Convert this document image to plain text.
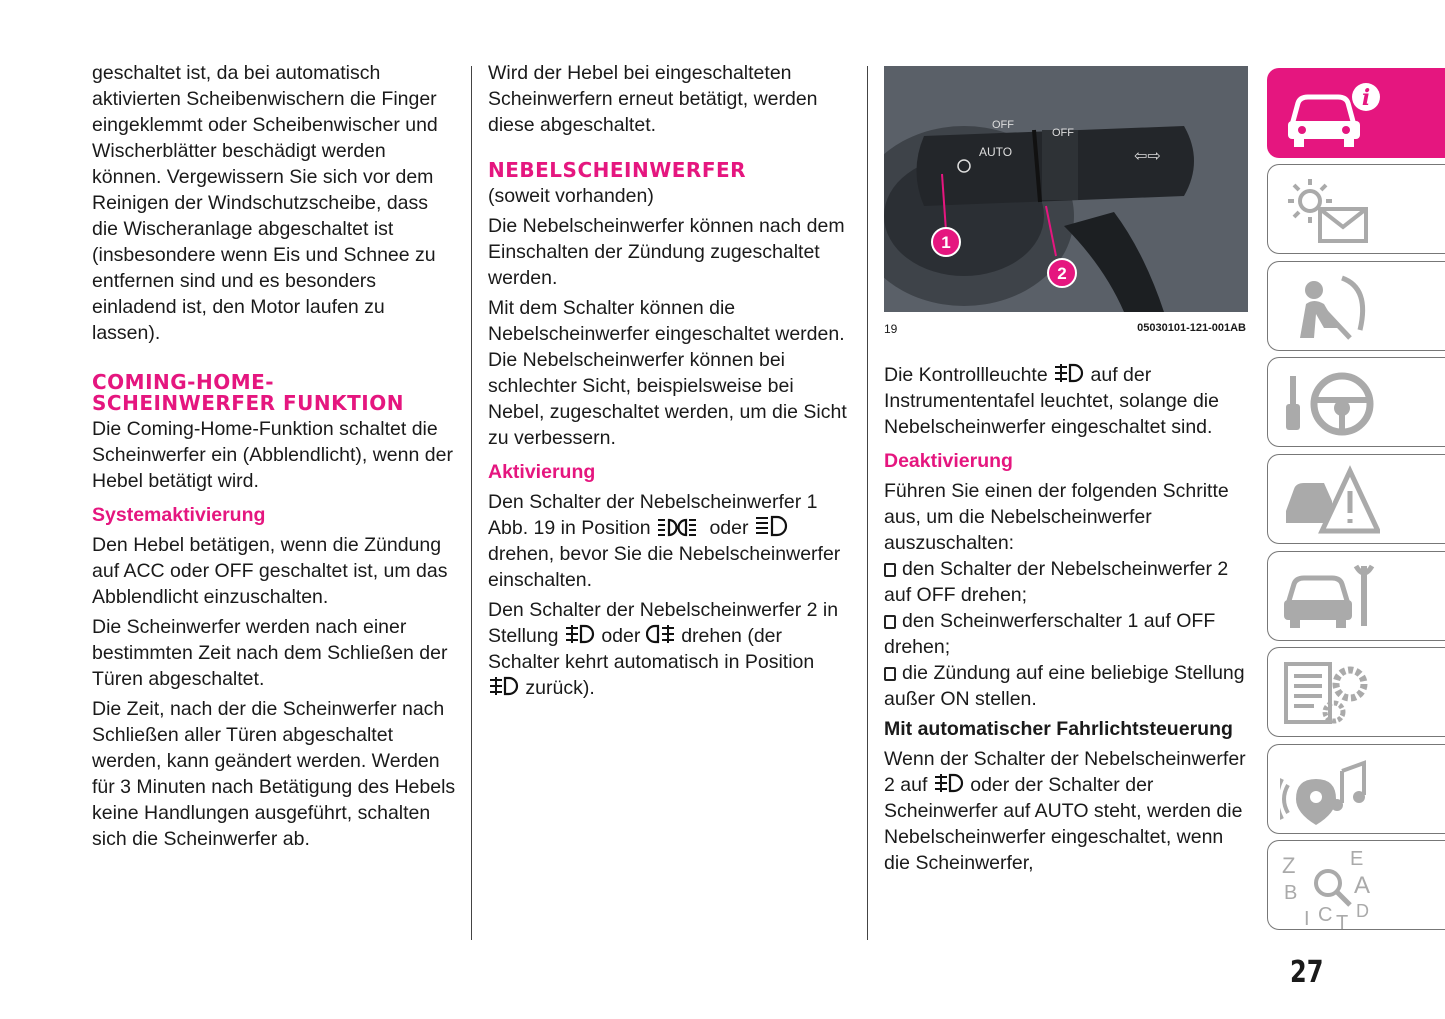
geschaltet ist, da bei automatisch aktivierten Scheibenwischern die Finger eingeklemmt oder Scheibenwischer und Wischerblätter beschädigt werden können. Vergewissern Sie sich vor dem Reinigen der Windschutzscheibe, dass die Wischeranlage abgeschaltet ist (insbesondere wenn Eis und Schnee zu entfernen sind und es besonders einladend ist, den Motor laufen zu lassen).

COMING-HOME-SCHEINWERFER FUNKTION

Die Coming-Home-Funktion schaltet die Scheinwerfer ein (Abblendlicht), wenn der Hebel betätigt wird.

Systemaktivierung

Den Hebel betätigen, wenn die Zündung auf ACC oder OFF geschaltet ist, um das Abblendlicht einzuschalten.

Die Scheinwerfer werden nach einer bestimmten Zeit nach dem Schließen der Türen abgeschaltet.

Die Zeit, nach der die Scheinwerfer nach Schließen aller Türen abgeschaltet werden, kann geändert werden. Werden für 3 Minuten nach Betätigung des Hebels keine Handlungen ausgeführt, schalten sich die Scheinwerfer ab.

Wird der Hebel bei eingeschalteten Scheinwerfern erneut betätigt, werden diese abgeschaltet.

NEBELSCHEINWERFER

(soweit vorhanden)

Die Nebelscheinwerfer können nach dem Einschalten der Zündung zugeschaltet werden.

Mit dem Schalter können die Nebelscheinwerfer eingeschaltet werden. Die Nebelscheinwerfer können bei schlechter Sicht, beispielsweise bei Nebel, zugeschaltet werden, um die Sicht zu verbessern.

Aktivierung

Den Schalter der Nebelscheinwerfer 1 Abb. 19 in Position	oder  drehen, bevor Sie die Nebelscheinwerfer einschalten.

Den Schalter der Nebelscheinwerfer 2 in Stellung oder drehen (der Schalter kehrt automatisch in Position  zurück).

OFF
OFF
AUTO	⇦⇨
1
2
19	05030101-121-001AB

Die Kontrollleuchte auf der Instrumententafel leuchtet, solange die Nebelscheinwerfer eingeschaltet sind.

Deaktivierung

Führen Sie einen der folgenden Schritte aus, um die Nebelscheinwerfer auszuschalten:

den Schalter der Nebelscheinwerfer 2 auf OFF drehen;
den Scheinwerferschalter 1 auf OFF drehen;
die Zündung auf eine beliebige Stellung außer ON stellen.

Mit automatischer Fahrlichtsteuerung

Wenn der Schalter der Nebelscheinwerfer 2 auf oder der Schalter der Scheinwerfer auf AUTO steht, werden die Nebelscheinwerfer eingeschaltet, wenn die Scheinwerfer,

i
Z	E
B A
I C T
D
27
